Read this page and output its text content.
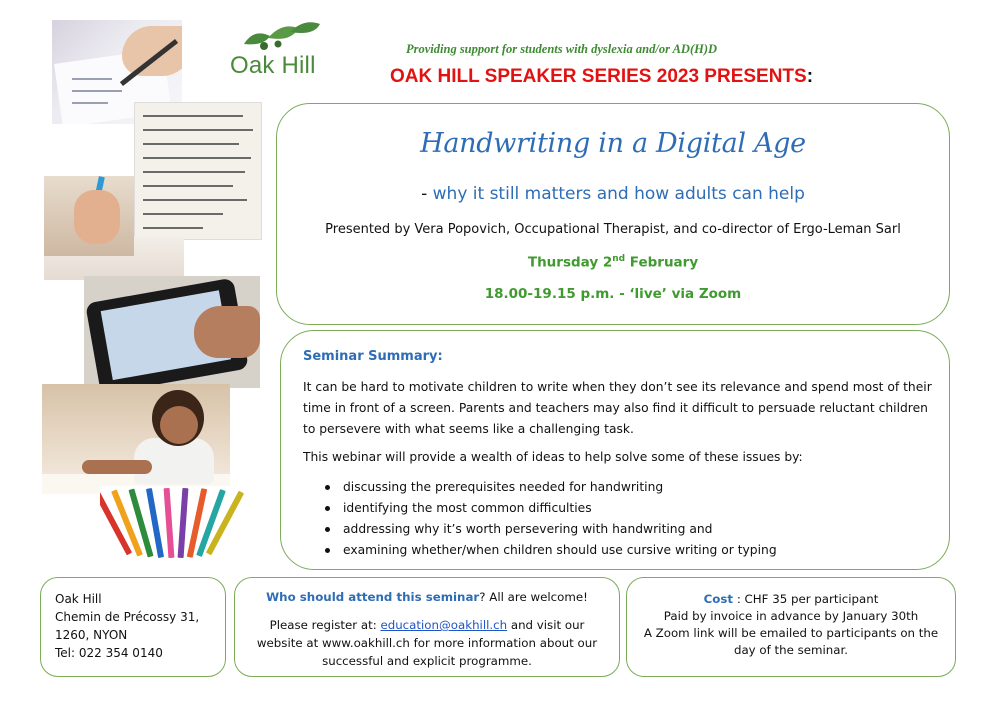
Oak Hill
Providing support for students with dyslexia and/or AD(H)D
OAK HILL SPEAKER SERIES 2023 PRESENTS:
Handwriting in a Digital Age
- why it still matters and how adults can help
Presented by Vera Popovich, Occupational Therapist, and co-director of Ergo-Leman Sarl
Thursday 2nd February
18.00-19.15 p.m. - ‘live’ via Zoom
Seminar Summary:
It can be hard to motivate children to write when they don’t see its relevance and spend most of their time in front of a screen. Parents and teachers may also find it difficult to persuade reluctant children to persevere with what seems like a challenging task.
This webinar will provide a wealth of ideas to help solve some of these issues by:
discussing the prerequisites needed for handwriting
identifying the most common difficulties
addressing why it’s worth persevering with handwriting and
examining whether/when children should use cursive writing or typing
Oak Hill
Chemin de Précossy 31,
1260, NYON
Tel: 022 354 0140
Who should attend this seminar? All are welcome!
Please register at: education@oakhill.ch and visit our website at www.oakhill.ch for more information about our successful and explicit programme.
Cost : CHF 35 per participant
Paid by invoice in advance by January 30th
A Zoom link will be emailed to participants on the
day of the seminar.
